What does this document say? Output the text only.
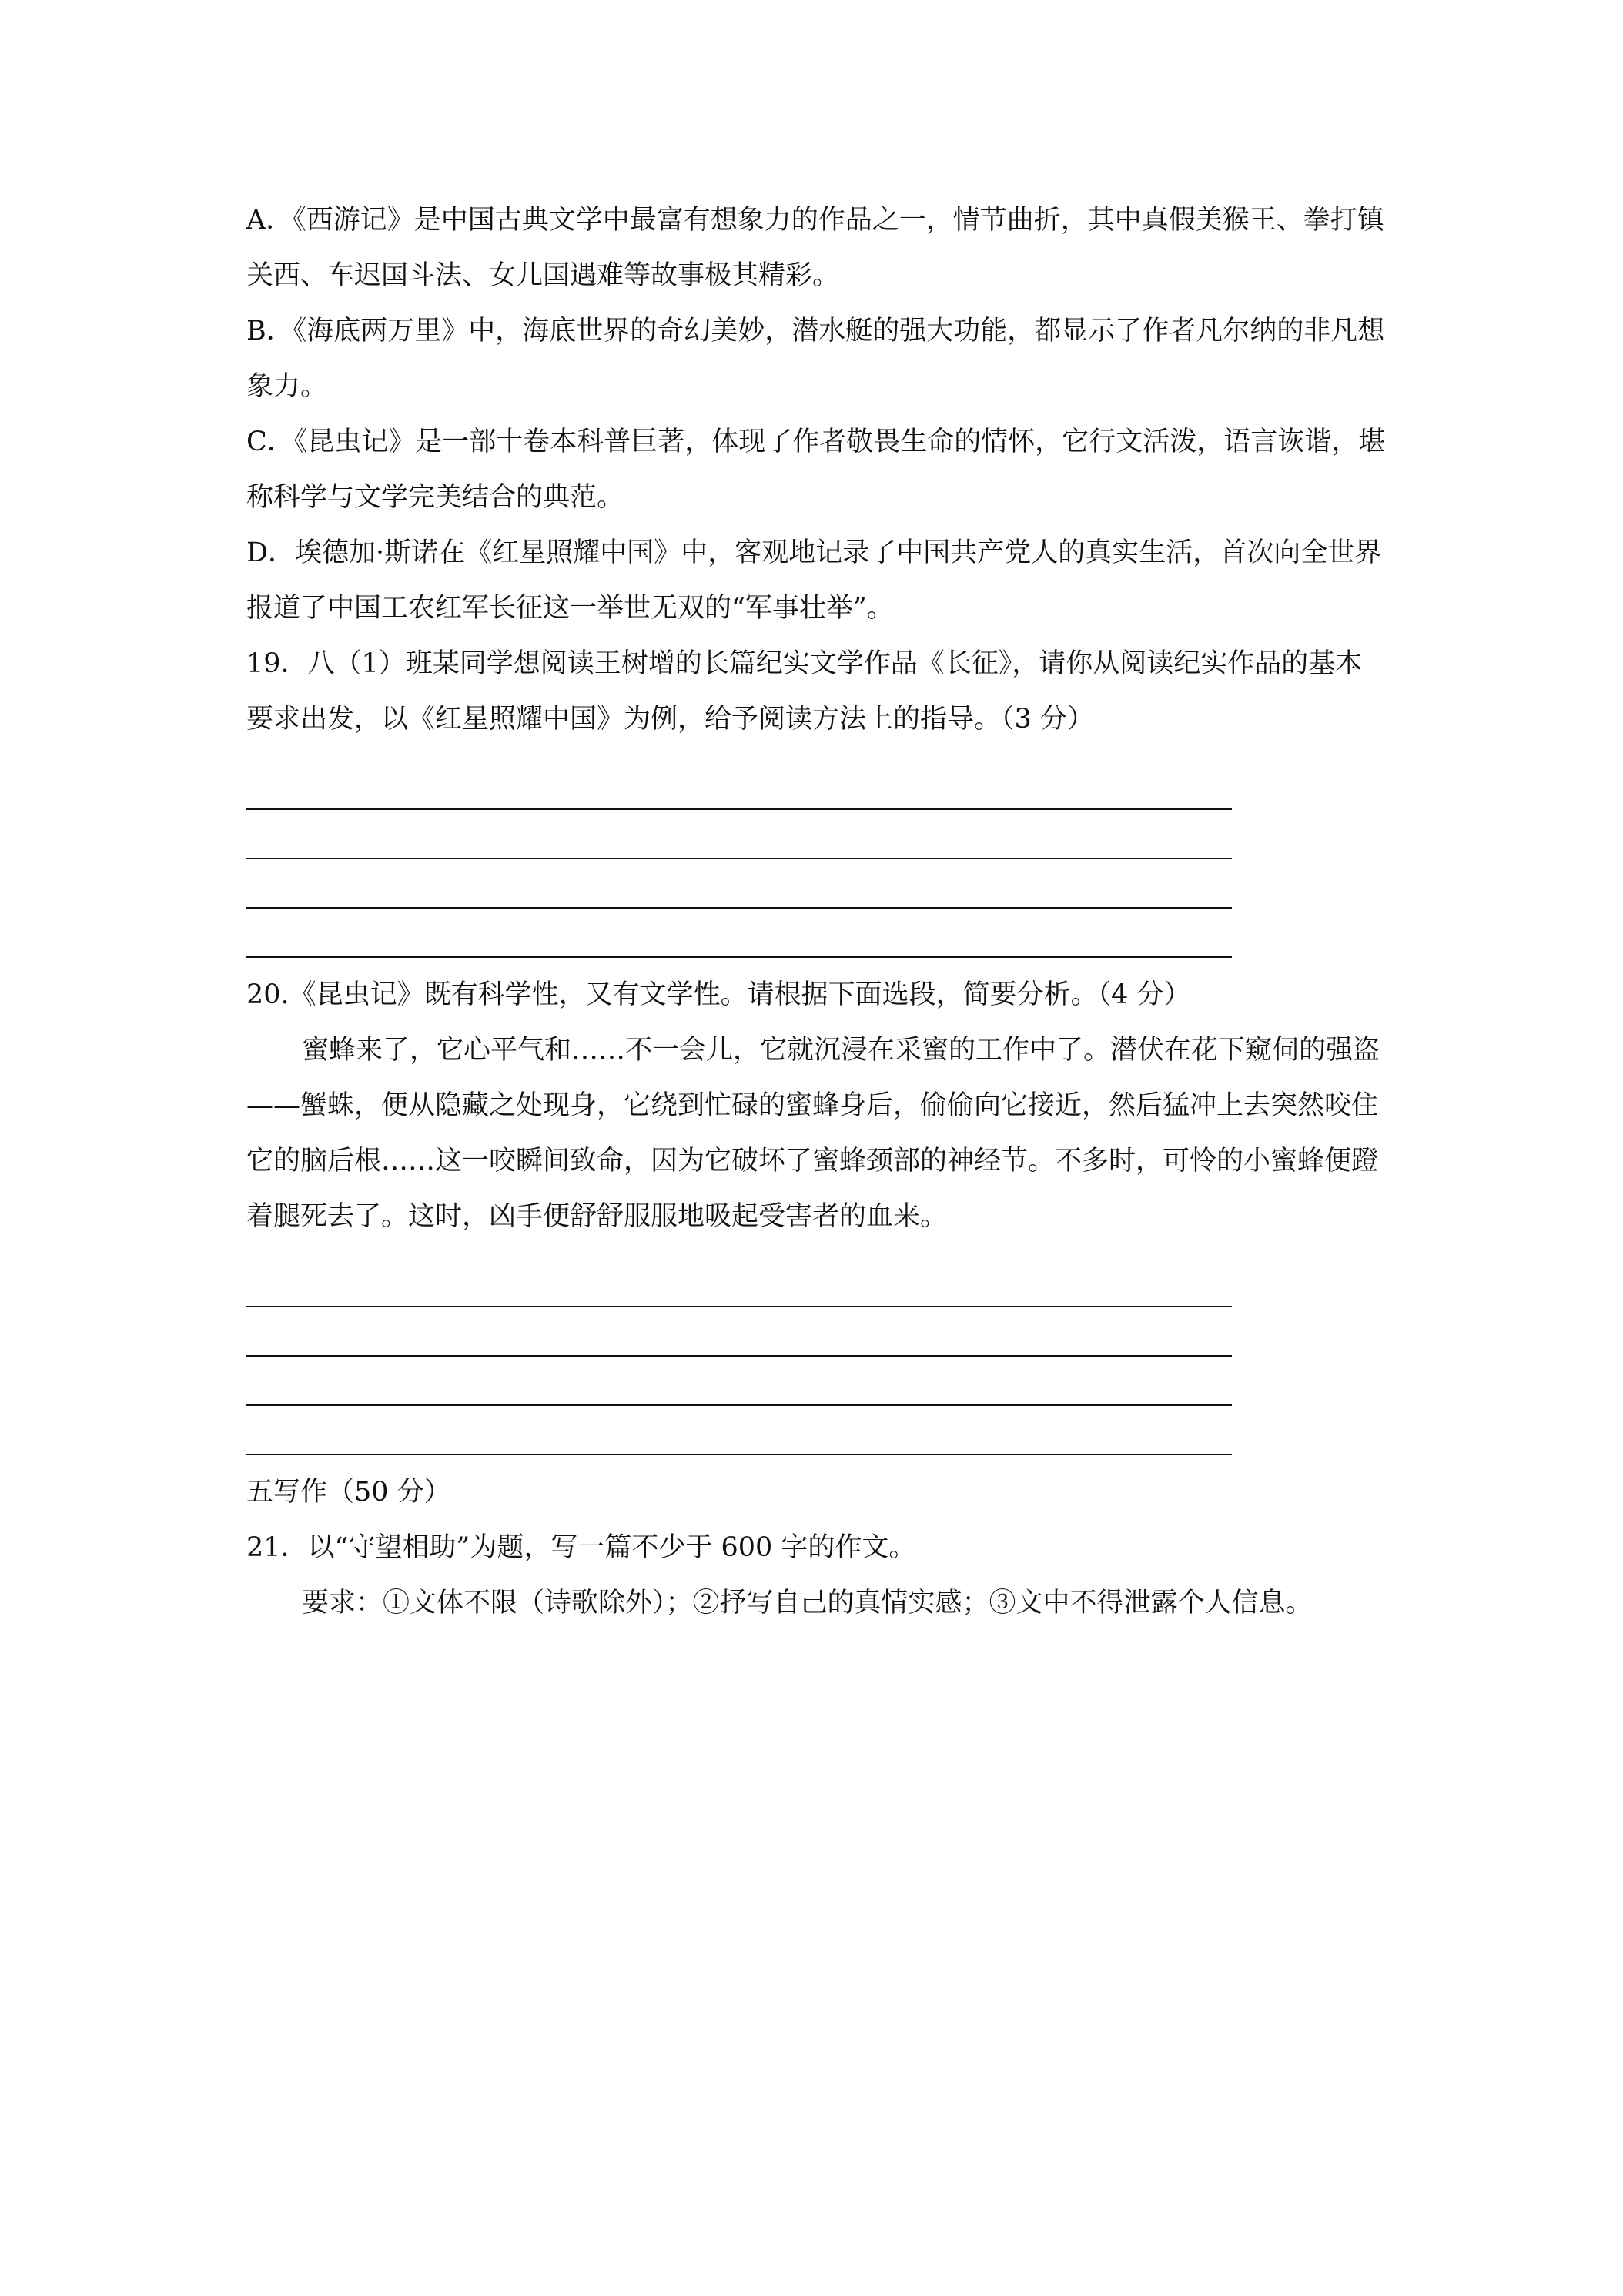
A．《西游记》是中国古典文学中最富有想象力的作品之一，情节曲折，其中真假美猴王、拳打镇关西、车迟国斗法、女儿国遇难等故事极其精彩。

B．《海底两万里》中，海底世界的奇幻美妙，潜水艇的强大功能，都显示了作者凡尔纳的非凡想象力。

C．《昆虫记》是一部十卷本科普巨著，体现了作者敬畏生命的情怀，它行文活泼，语言诙谐，堪称科学与文学完美结合的典范。

D．埃德加·斯诺在《红星照耀中国》中，客观地记录了中国共产党人的真实生活，首次向全世界报道了中国工农红军长征这一举世无双的“军事壮举”。

19．八（1）班某同学想阅读王树增的长篇纪实文学作品《长征》，请你从阅读纪实作品的基本要求出发，以《红星照耀中国》为例，给予阅读方法上的指导。（3 分）

20.《昆虫记》既有科学性，又有文学性。请根据下面选段，简要分析。（4 分）

蜜蜂来了，它心平气和……不一会儿，它就沉浸在采蜜的工作中了。潜伏在花下窥伺的强盗——蟹蛛，便从隐藏之处现身，它绕到忙碌的蜜蜂身后，偷偷向它接近，然后猛冲上去突然咬住它的脑后根……这一咬瞬间致命，因为它破坏了蜜蜂颈部的神经节。不多时，可怜的小蜜蜂便蹬着腿死去了。这时，凶手便舒舒服服地吸起受害者的血来。

五写作（50 分）

21．以“守望相助”为题，写一篇不少于 600 字的作文。

要求：①文体不限（诗歌除外）；②抒写自己的真情实感；③文中不得泄露个人信息。
